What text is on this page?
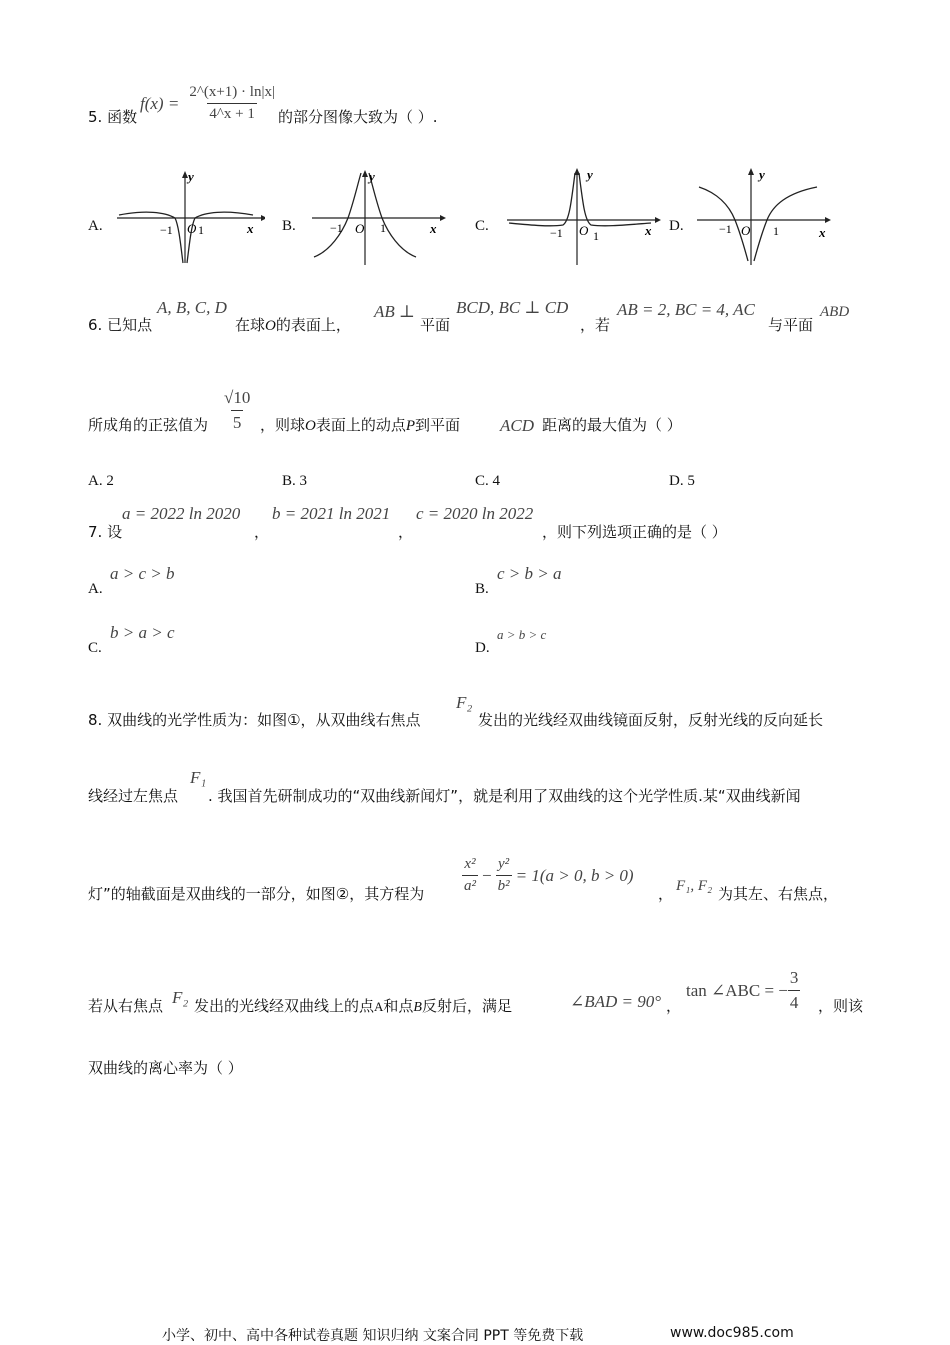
5. 函数
$f(x) = \frac{2\^{}(x+1) \cdot \ln|x|}{4\^{}x + 1}$ 的部分图像大致为（ ）.
A.	B.	C.	D.
y
x
−1 O 1
y
x
−1 O 1
y
x
−1 O 1
y
x
−1 O 1
6. 已知点
A, B, C, D
在球O的表面上，
AB ⊥
平面
BCD, BC ⊥ CD
，若
AB = 2, BC = 4, AC
与平面
ABD
所成角的正弦值为 $\frac{√10}{5}$ ，则球O表面上的动点P到平面 ACD 距离的最大值为（ ）
A. 2	B. 3	C. 4	D. 5
7. 设
a = 2022 ln 2020
，
b = 2021 ln 2021
，
c = 2020 ln 2022
，则下列选项正确的是（ ）
A.
a > c > b
B.
c > b > a
C.
b > a > c
D.
a > b > c
8. 双曲线的光学性质为：如图①，从双曲线右焦点
F₂
发出的光线经双曲线镜面反射，反射光线的反向延长
线经过左焦点
F₁
. 我国首先研制成功的“双曲线新闻灯”，就是利用了双曲线的这个光学性质.某“双曲线新闻
灯”的轴截面是双曲线的一部分，如图②，其方程为	$\frac{\text{x²}}{\text{a²}} - \frac{\text{y²}}{\text{b²}} = 1(a > 0$, b > 0)
， F₁, F₂ 为其左、右焦点，
若从右焦点 F₂ 发出的光线经双曲线上的点A和点B反射后，满足	∠BAD = 90° ，
tan ∠ABC = − $\frac{3}{4}$ ，则该
双曲线的离心率为（ ）
小学、初中、高中各种试卷真题 知识归纳 文案合同 PPT 等免费下载	www.doc985.com
